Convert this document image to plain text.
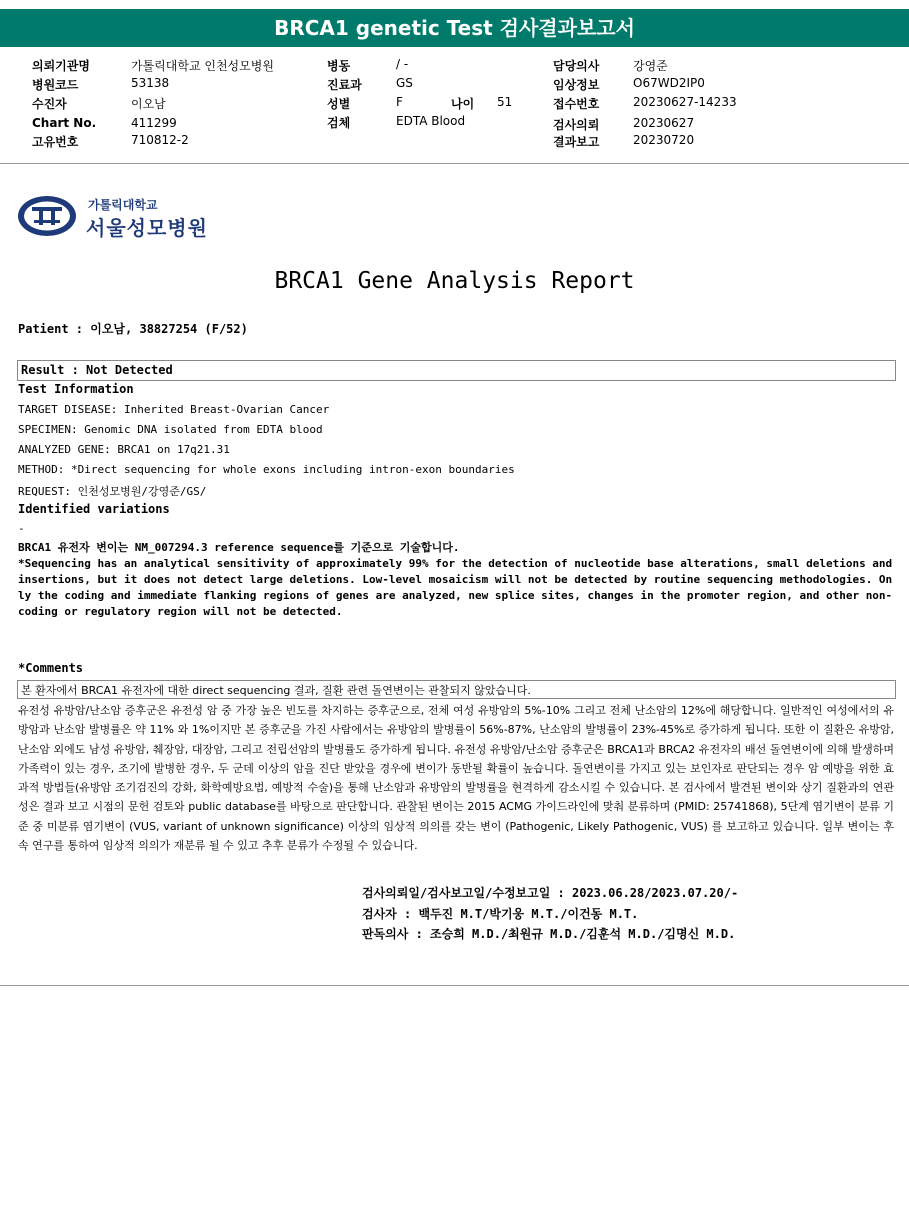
BRCA1 genetic Test 검사결과보고서
의뢰기관명	가톨릭대학교 인천성모병원
병원코드	53138
수진자	이오남
Chart No.	411299
고유번호	710812-2
병동	/ -
진료과	GS
성별	F	나이 51
검체	EDTA Blood
담당의사	강영준
임상정보	O67WD2IP0
접수번호	20230627-14233
검사의뢰	20230627
결과보고	20230720
가톨릭대학교
서울성모병원
BRCA1 Gene Analysis Report
Patient : 이오남, 38827254 (F/52)
Result : Not Detected
Test Information
TARGET DISEASE: Inherited Breast-Ovarian Cancer
SPECIMEN: Genomic DNA isolated from EDTA blood
ANALYZED GENE: BRCA1 on 17q21.31
METHOD: *Direct sequencing for whole exons including intron-exon boundaries
REQUEST: 인천성모병원/강영준/GS/
Identified variations
-

BRCA1 유전자 변이는 NM_007294.3 reference sequence를 기준으로 기술합니다.

*Sequencing has an analytical sensitivity of approximately 99% for the detection of nucleotide base alterations, small deletions and insertions, but it does not detect large deletions. Low-level mosaicism will not be detected by routine sequencing methodologies. Only the coding and immediate flanking regions of genes are analyzed, new splice sites, changes in the promoter region, and other non-coding or regulatory region will not be detected.

*Comments
본 환자에서 BRCA1 유전자에 대한 direct sequencing 결과, 질환 관련 돌연변이는 관찰되지 않았습니다.

유전성 유방암/난소암 증후군은 유전성 암 중 가장 높은 빈도를 차지하는 증후군으로, 전체 여성 유방암의 5%-10% 그리고 전체 난소암의 12%에 해당합니다. 일반적인 여성에서의 유방암과 난소암 발병률은 약 11% 와 1%이지만 본 증후군을 가진 사람에서는 유방암의 발병률이 56%-87%, 난소암의 발병률이 23%-45%로 증가하게 됩니다. 또한 이 질환은 유방암, 난소암 외에도 남성 유방암, 췌장암, 대장암, 그리고 전립선암의 발병률도 증가하게 됩니다. 유전성 유방암/난소암 증후군은 BRCA1과 BRCA2 유전자의 배선 돌연변이에 의해 발생하며 가족력이 있는 경우, 조기에 발병한 경우, 두 군데 이상의 암을 진단 받았을 경우에 변이가 동반될 확률이 높습니다. 돌연변이를 가지고 있는 보인자로 판단되는 경우 암 예방을 위한 효과적 방법들(유방암 조기검진의 강화, 화학예방요법, 예방적 수술)을 통해 난소암과 유방암의 발병률을 현격하게 감소시킬 수 있습니다. 본 검사에서 발견된 변이와 상기 질환과의 연관성은 결과 보고 시점의 문헌 검토와 public database를 바탕으로 판단합니다. 관찰된 변이는 2015 ACMG 가이드라인에 맞춰 분류하며 (PMID: 25741868), 5단계 염기변이 분류 기준 중 미분류 염기변이 (VUS, variant of unknown significance) 이상의 임상적 의의를 갖는 변이 (Pathogenic, Likely Pathogenic, VUS) 를 보고하고 있습니다. 일부 변이는 후속 연구를 통하여 임상적 의의가 재분류 될 수 있고 추후 분류가 수정될 수 있습니다.

검사의뢰일/검사보고일/수정보고일 : 2023.06.28/2023.07.20/-
검사자 : 백두진 M.T/박기웅 M.T./이건동 M.T.
판독의사 : 조승희 M.D./최원규 M.D./김훈석 M.D./김명신 M.D.
